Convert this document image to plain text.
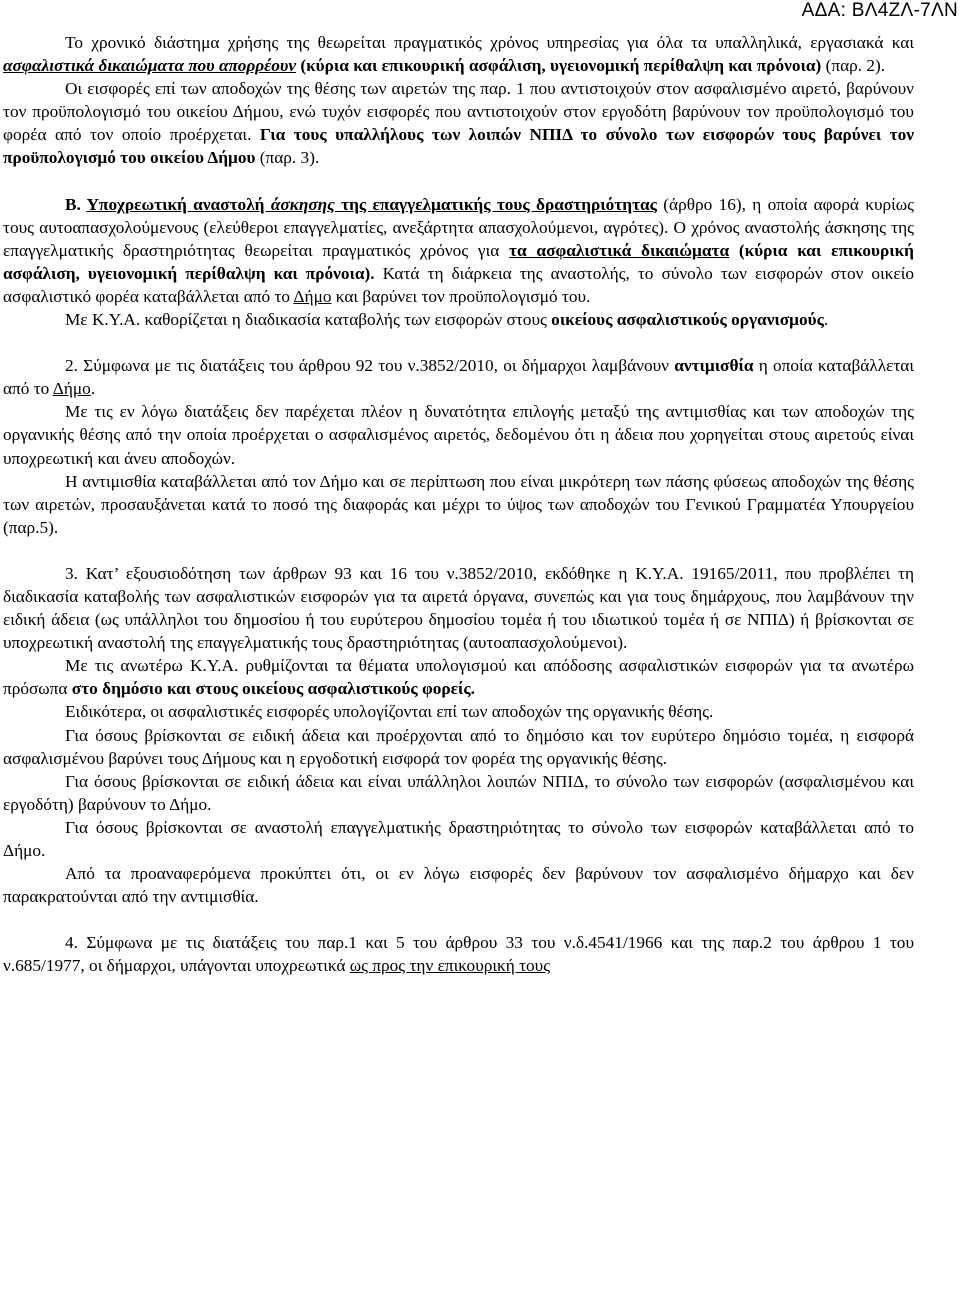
ΑΔΑ: ΒΛ4ΖΛ-7ΛΝ

Το χρονικό διάστημα χρήσης της θεωρείται πραγματικός χρόνος υπηρεσίας για όλα τα υπαλληλικά, εργασιακά και ασφαλιστικά δικαιώματα που απορρέουν (κύρια και επικουρική ασφάλιση, υγειονομική περίθαλψη και πρόνοια) (παρ. 2).

Οι εισφορές επί των αποδοχών της θέσης των αιρετών της παρ. 1 που αντιστοιχούν στον ασφαλισμένο αιρετό, βαρύνουν τον προϋπολογισμό του οικείου Δήμου, ενώ τυχόν εισφορές που αντιστοιχούν στον εργοδότη βαρύνουν τον προϋπολογισμό του φορέα από τον οποίο προέρχεται. Για τους υπαλλήλους των λοιπών ΝΠΙΔ το σύνολο των εισφορών τους βαρύνει τον προϋπολογισμό του οικείου Δήμου (παρ. 3).

Β. Υποχρεωτική αναστολή άσκησης της επαγγελματικής τους δραστηριότητας (άρθρο 16), η οποία αφορά κυρίως τους αυτοαπασχολούμενους (ελεύθεροι επαγγελματίες, ανεξάρτητα απασχολούμενοι, αγρότες). Ο χρόνος αναστολής άσκησης της επαγγελματικής δραστηριότητας θεωρείται πραγματικός χρόνος για τα ασφαλιστικά δικαιώματα (κύρια και επικουρική ασφάλιση, υγειονομική περίθαλψη και πρόνοια). Κατά τη διάρκεια της αναστολής, το σύνολο των εισφορών στον οικείο ασφαλιστικό φορέα καταβάλλεται από το Δήμο και βαρύνει τον προϋπολογισμό του.

Με Κ.Υ.Α. καθορίζεται η διαδικασία καταβολής των εισφορών στους οικείους ασφαλιστικούς οργανισμούς.

2. Σύμφωνα με τις διατάξεις του άρθρου 92 του ν.3852/2010, οι δήμαρχοι λαμβάνουν αντιμισθία η οποία καταβάλλεται από το Δήμο.

Με τις εν λόγω διατάξεις δεν παρέχεται πλέον η δυνατότητα επιλογής μεταξύ της αντιμισθίας και των αποδοχών της οργανικής θέσης από την οποία προέρχεται ο ασφαλισμένος αιρετός, δεδομένου ότι η άδεια που χορηγείται στους αιρετούς είναι υποχρεωτική και άνευ αποδοχών.

Η αντιμισθία καταβάλλεται από τον Δήμο και σε περίπτωση που είναι μικρότερη των πάσης φύσεως αποδοχών της θέσης των αιρετών, προσαυξάνεται κατά το ποσό της διαφοράς και μέχρι το ύψος των αποδοχών του Γενικού Γραμματέα Υπουργείου (παρ.5).

3. Κατ’ εξουσιοδότηση των άρθρων 93 και 16 του ν.3852/2010, εκδόθηκε η Κ.Υ.Α. 19165/2011, που προβλέπει τη διαδικασία καταβολής των ασφαλιστικών εισφορών για τα αιρετά όργανα, συνεπώς και για τους δημάρχους, που λαμβάνουν την ειδική άδεια (ως υπάλληλοι του δημοσίου ή του ευρύτερου δημοσίου τομέα ή του ιδιωτικού τομέα ή σε ΝΠΙΔ) ή βρίσκονται σε υποχρεωτική αναστολή της επαγγελματικής τους δραστηριότητας (αυτοαπασχολούμενοι).

Με τις ανωτέρω Κ.Υ.Α. ρυθμίζονται τα θέματα υπολογισμού και απόδοσης ασφαλιστικών εισφορών για τα ανωτέρω πρόσωπα στο δημόσιο και στους οικείους ασφαλιστικούς φορείς.

Ειδικότερα, οι ασφαλιστικές εισφορές υπολογίζονται επί των αποδοχών της οργανικής θέσης.

Για όσους βρίσκονται σε ειδική άδεια και προέρχονται από το δημόσιο και τον ευρύτερο δημόσιο τομέα, η εισφορά ασφαλισμένου βαρύνει τους Δήμους και η εργοδοτική εισφορά τον φορέα της οργανικής θέσης.

Για όσους βρίσκονται σε ειδική άδεια και είναι υπάλληλοι λοιπών ΝΠΙΔ, το σύνολο των εισφορών (ασφαλισμένου και εργοδότη) βαρύνουν το Δήμο.

Για όσους βρίσκονται σε αναστολή επαγγελματικής δραστηριότητας το σύνολο των εισφορών καταβάλλεται από το Δήμο.

Από τα προαναφερόμενα προκύπτει ότι, οι εν λόγω εισφορές δεν βαρύνουν τον ασφαλισμένο δήμαρχο και δεν παρακρατούνται από την αντιμισθία.

4. Σύμφωνα με τις διατάξεις του παρ.1 και 5 του άρθρου 33 του ν.δ.4541/1966 και της παρ.2 του άρθρου 1 του ν.685/1977, οι δήμαρχοι, υπάγονται υποχρεωτικά ως προς την επικουρική τους
